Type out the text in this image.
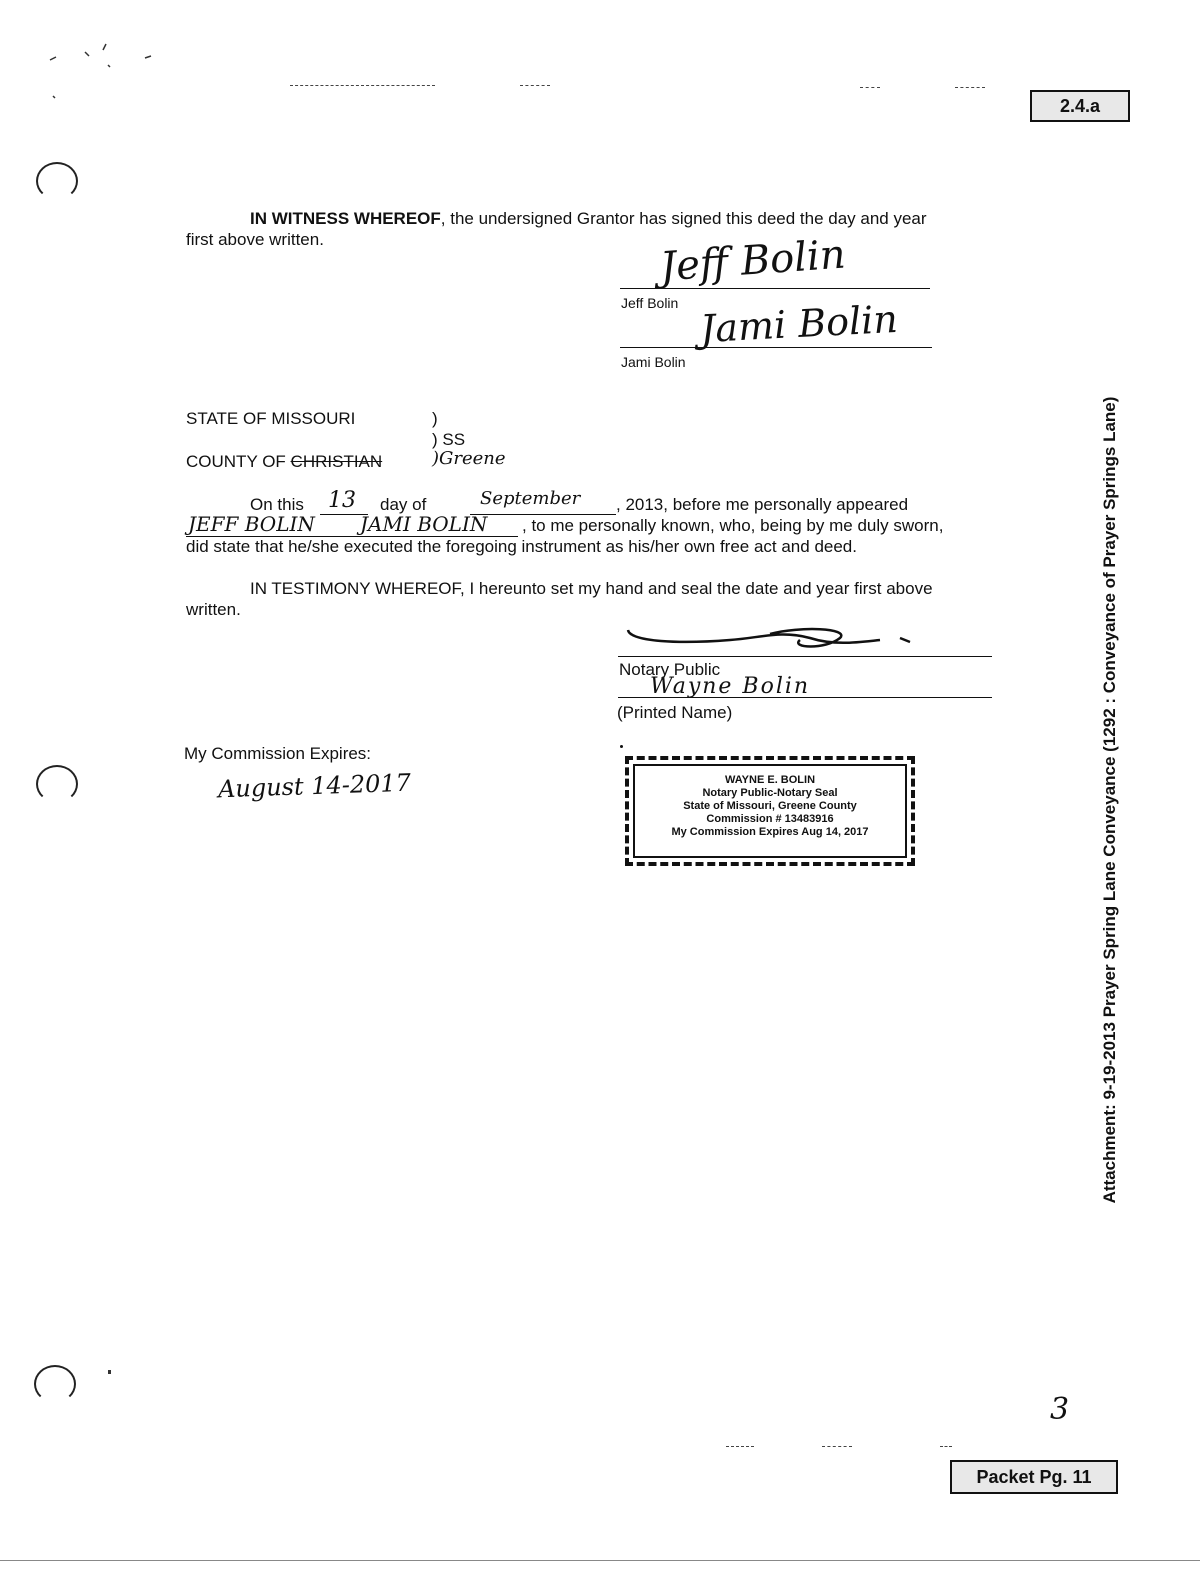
2.4.a
IN WITNESS WHEREOF, the undersigned Grantor has signed this deed the day and year
first above written.	Jeff Bolin
Jeff Bolin Jami Bolin
Jami Bolin
STATE OF MISSOURI	)
) SS
COUNTY OF CHRISTIAN	)Greene
On this 13 day of	September , 2013, before me personally appeared
JEFF BOLIN JAMI BOLIN , to me personally known, who, being by me duly sworn,
did state that he/she executed the foregoing instrument as his/her own free act and deed.
IN TESTIMONY WHEREOF, I hereunto set my hand and seal the date and year first above
written.
Notary Public
Wayne Bolin
(Printed Name)
My Commission Expires:
August 14-2017	WAYNE E. BOLIN
Notary Public-Notary Seal
State of Missouri, Greene County
Commission # 13483916
My Commission Expires Aug 14, 2017	Attachment: 9-19-2013 Prayer Spring Lane Conveyance (1292 : Conveyance of Prayer Springs Lane)
3
Packet Pg. 11
